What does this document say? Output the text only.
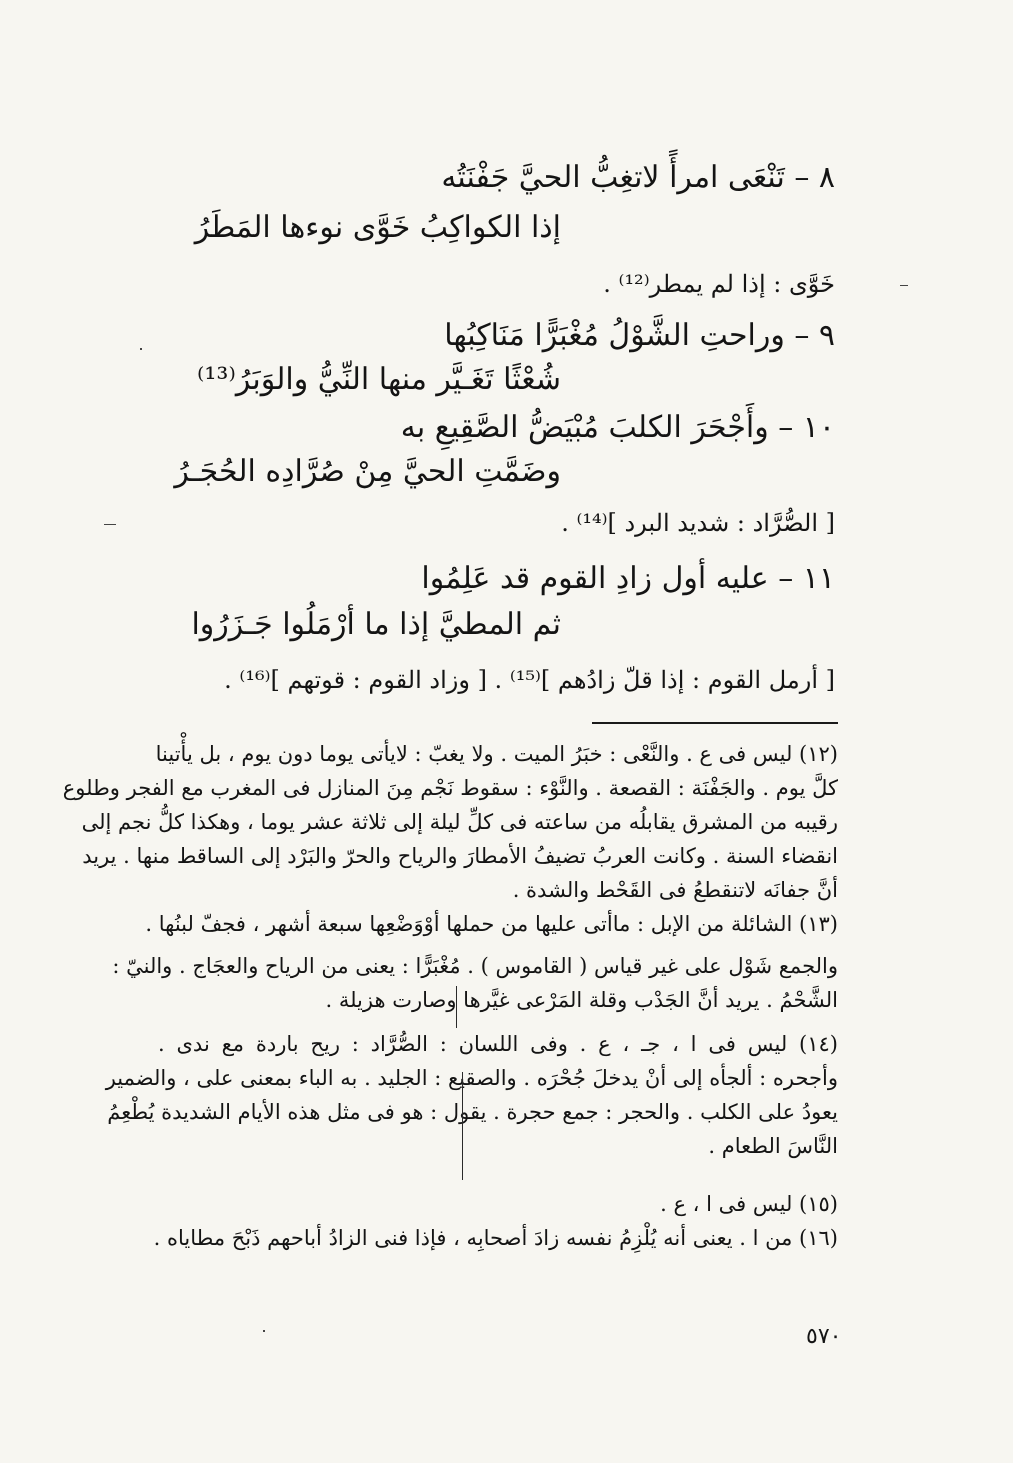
٨ – تَنْعَى امرأً لاتغِبُّ الحيَّ جَفْنَتُه
إذا الكواكِبُ خَوَّى نوءها المَطَرُ
خَوَّى : إذا لم يمطر⁽¹²⁾ .
٩ – وراحتِ الشَّوْلُ مُغْبَرًّا مَنَاكِبُها
شُعْثًا تَغَـيَّر منها النِّيُّ والوَبَرُ⁽¹³⁾
١٠ – وأَجْحَرَ الكلبَ مُبْيَضُّ الصَّقِيعِ به
وضَمَّتِ الحيَّ مِنْ صُرَّادِه الحُجَـرُ
[ الصُّرَّاد : شديد البرد ]⁽¹⁴⁾ .
١١ – عليه أول زادِ القوم قد عَلِمُوا
ثم المطيَّ إذا ما أرْمَلُوا جَـزَرُوا
[ أرمل القوم : إذا قلّ زادُهم ]⁽¹⁵⁾ . [ وزاد القوم : قوتهم ]⁽¹⁶⁾ .
(١٢) ليس فى ع . والنَّعْى : خبَرُ الميت . ولا يغبّ : لايأتى يوما دون يوم ، بل يأْتينا
كلَّ يوم . والجَفْنَة : القصعة . والنَّوْء : سقوط نَجْم مِنَ المنازل فى المغرب مع الفجر وطلوع
رقيبه من المشرق يقابلُه من ساعته فى كلِّ ليلة إلى ثلاثة عشر يوما ، وهكذا كلُّ نجم إلى
انقضاء السنة . وكانت العربُ تضيفُ الأمطارَ والرياح والحرّ والبَرْد إلى الساقط منها . يريد
أنَّ جفانَه لاتنقطعُ فى القَحْط والشدة .
(١٣) الشائلة من الإبل : ماأتى عليها من حملها أوْوَضْعِها سبعة أشهر ، فجفّ لبنُها .
والجمع شَوْل على غير قياس ( القاموس ) . مُغْبَرًّا : يعنى من الرياح والعجَاج . والنيّ :
الشَّحْمُ . يريد أنَّ الجَدْب وقلة المَرْعى غيَّرها وصارت هزيلة .
(١٤) ليس فى ا ، جـ ، ع . وفى اللسان : الصُّرَّاد : ريح باردة مع ندى .
وأجحره : ألجأه إلى أنْ يدخلَ جُحْرَه . والصقيع : الجليد . به الباء بمعنى على ، والضمير
يعودُ على الكلب . والحجر : جمع حجرة . يقول : هو فى مثل هذه الأيام الشديدة يُطْعِمُ
النَّاسَ الطعام .
(١٥) ليس فى ا ، ع .
(١٦) من ا . يعنى أنه يُلْزِمُ نفسه زادَ أصحابِه ، فإذا فنى الزادُ أباحهم ذَبْحَ مطاياه .
٥٧٠
